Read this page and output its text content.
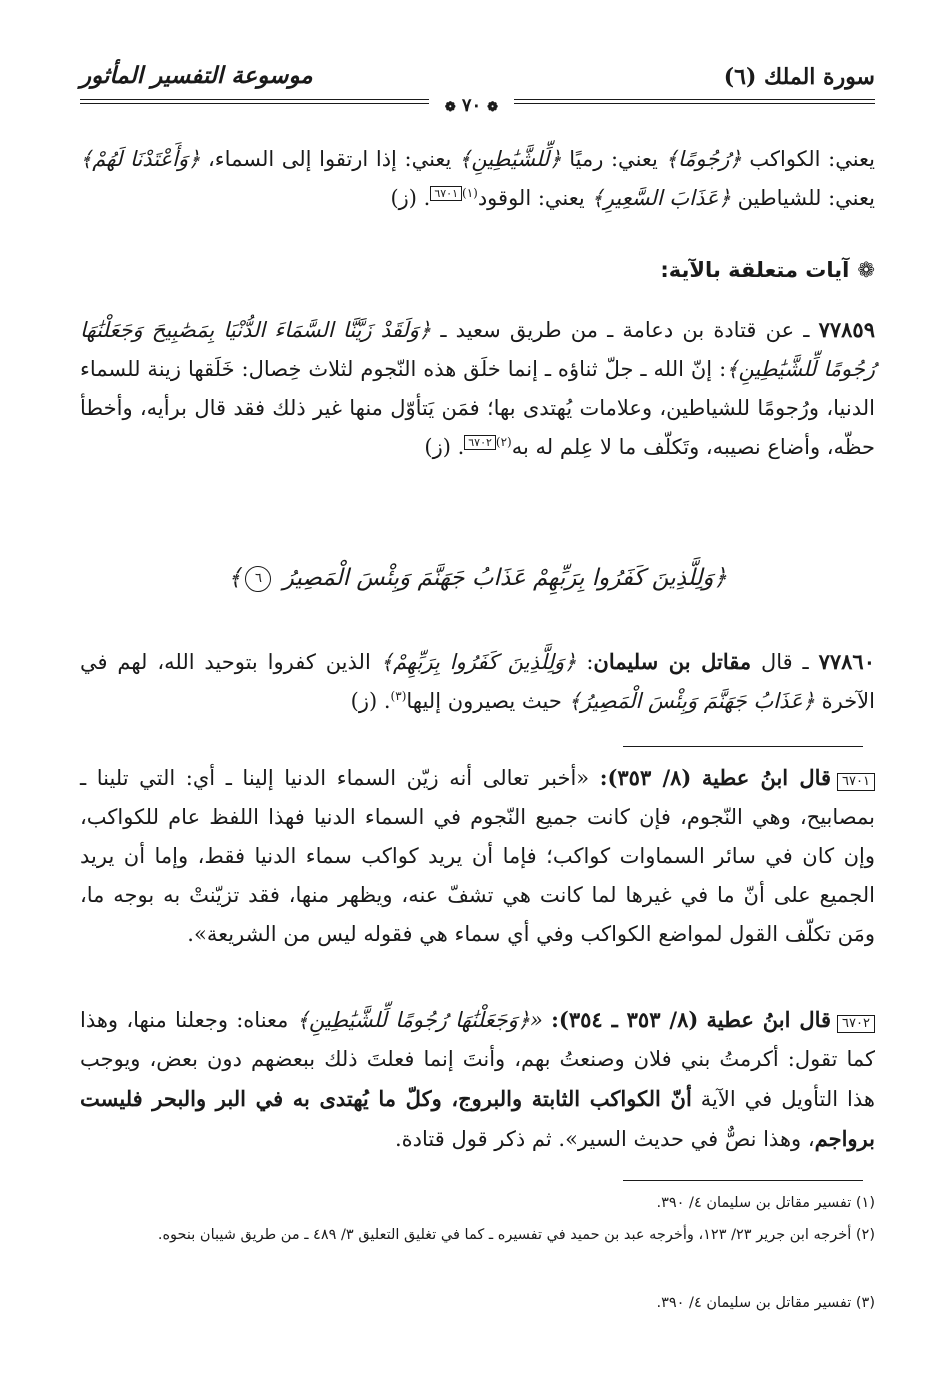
سورة الملك (٦)
موسوعة التفسير المأثور
❁٧٠❁
يعني: الكواكب ﴿رُجُومًا﴾ يعني: رميًا ﴿لِّلشَّيَٰطِينِ﴾ يعني: إذا ارتقوا إلى السماء، ﴿وَأَعْتَدْنَا لَهُمْ﴾ يعني: للشياطين ﴿عَذَابَ السَّعِيرِ﴾ يعني: الوقود$^{(١)}$٦٧٠١. (ز)
❁آيات متعلقة بالآية:
٧٧٨٥٩ ـ عن قتادة بن دعامة ـ من طريق سعيد ـ ﴿وَلَقَدْ زَيَّنَّا السَّمَاءَ الدُّنْيَا بِمَصَٰبِيحَ وَجَعَلْنَٰهَا رُجُومًا لِّلشَّيَٰطِينِ﴾: إنّ الله ـ جلّ ثناؤه ـ إنما خلَق هذه النّجوم لثلاث خِصال: خَلَقها زينة للسماء الدنيا، ورُجومًا للشياطين، وعلامات يُهتدى بها؛ فمَن يَتأوّل منها غير ذلك فقد قال برأيه، وأخطأ حظّه، وأضاع نصيبه، وتَكلّف ما لا عِلم له به$^{(٢)}$٦٧٠٢. (ز)
﴿وَلِلَّذِينَ كَفَرُوا بِرَبِّهِمْ عَذَابُ جَهَنَّمَ وَبِئْسَ الْمَصِيرُ ٦﴾
٧٧٨٦٠ ـ قال مقاتل بن سليمان: ﴿وَلِلَّذِينَ كَفَرُوا بِرَبِّهِمْ﴾ الذين كفروا بتوحيد الله، لهم في الآخرة ﴿عَذَابُ جَهَنَّمَ وَبِئْسَ الْمَصِيرُ﴾ حيث يصيرون إليها$^{(٣)}$. (ز)
٦٧٠١قال ابنُ عطية (٨/ ٣٥٣): «أخبر تعالى أنه زيّن السماء الدنيا إلينا ـ أي: التي تلينا ـ بمصابيح، وهي النّجوم، فإن كانت جميع النّجوم في السماء الدنيا فهذا اللفظ عام للكواكب، وإن كان في سائر السماوات كواكب؛ فإما أن يريد كواكب سماء الدنيا فقط، وإما أن يريد الجميع على أنّ ما في غيرها لما كانت هي تشفّ عنه، ويظهر منها، فقد تزيّنتْ به بوجه ما، ومَن تكلّف القول لمواضع الكواكب وفي أي سماء هي فقوله ليس من الشريعة».
٦٧٠٢قال ابنُ عطية (٨/ ٣٥٣ ـ ٣٥٤): «﴿وَجَعَلْنَٰهَا رُجُومًا لِّلشَّيَٰطِينِ﴾ معناه: وجعلنا منها، وهذا كما تقول: أكرمتُ بني فلان وصنعتُ بهم، وأنتَ إنما فعلتَ ذلك ببعضهم دون بعض، ويوجب هذا التأويل في الآية أنّ الكواكب الثابتة والبروج، وكلّ ما يُهتدى به في البر والبحر فليست بروا‌جم، وهذا نصٌّ في حديث السير». ثم ذكر قول قتادة.
(١) تفسير مقاتل بن سليمان ٤/ ٣٩٠.
(٢) أخرجه ابن جرير ٢٣/ ١٢٣، وأخرجه عبد بن حميد في تفسيره ـ كما في تغليق التعليق ٣/ ٤٨٩ ـ من طريق شيبان بنحوه.
(٣) تفسير مقاتل بن سليمان ٤/ ٣٩٠.
